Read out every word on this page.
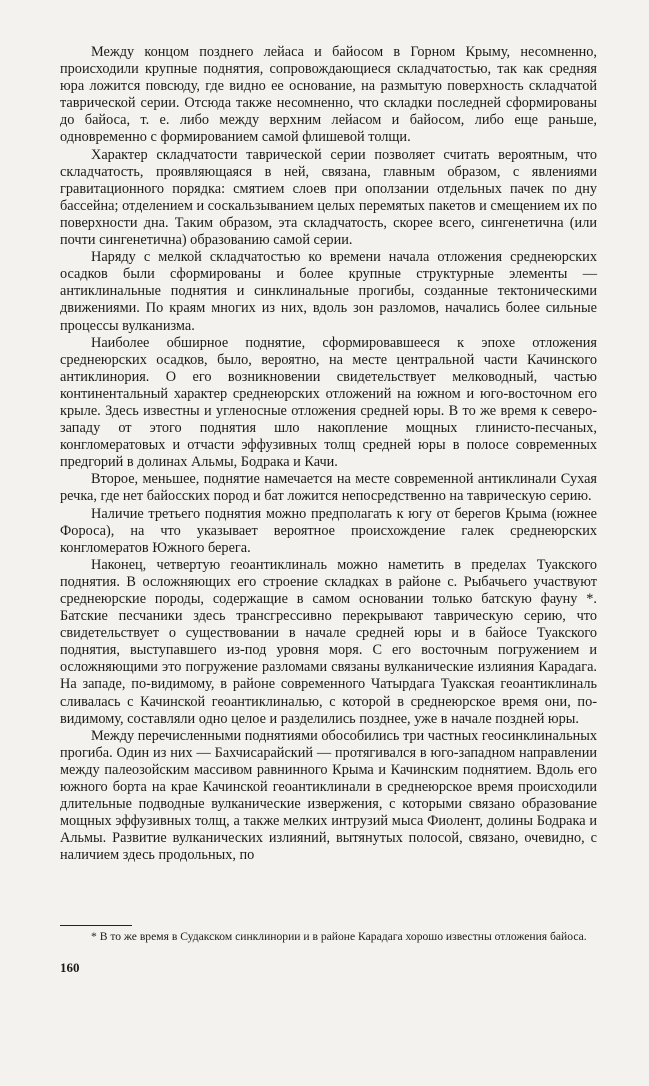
Между концом позднего лейаса и байосом в Горном Крыму, несомненно, происходили крупные поднятия, сопровождающиеся складчатостью, так как средняя юра ложится повсюду, где видно ее основание, на размытую поверхность складчатой таврической серии. Отсюда также несомненно, что складки последней сформированы до байоса, т. е. либо между верхним лейасом и байосом, либо еще раньше, одновременно с формированием самой флишевой толщи.

Характер складчатости таврической серии позволяет считать вероятным, что складчатость, проявляющаяся в ней, связана, главным образом, с явлениями гравитационного порядка: смятием слоев при оползании отдельных пачек по дну бассейна; отделением и соскальзыванием целых перемятых пакетов и смещением их по поверхности дна. Таким образом, эта складчатость, скорее всего, сингенетична (или почти сингенетична) образованию самой серии.

Наряду с мелкой складчатостью ко времени начала отложения среднеюрских осадков были сформированы и более крупные структурные элементы — антиклинальные поднятия и синклинальные прогибы, созданные тектоническими движениями. По краям многих из них, вдоль зон разломов, начались более сильные процессы вулканизма.

Наиболее обширное поднятие, сформировавшееся к эпохе отложения среднеюрских осадков, было, вероятно, на месте центральной части Качинского антиклинория. О его возникновении свидетельствует мелководный, частью континентальный характер среднеюрских отложений на южном и юго-восточном его крыле. Здесь известны и угленосные отложения средней юры. В то же время к северо-западу от этого поднятия шло накопление мощных глинисто-песчаных, конгломератовых и отчасти эффузивных толщ средней юры в полосе современных предгорий в долинах Альмы, Бодрака и Качи.

Второе, меньшее, поднятие намечается на месте современной антиклинали Сухая речка, где нет байосских пород и бат ложится непосредственно на таврическую серию.

Наличие третьего поднятия можно предполагать к югу от берегов Крыма (южнее Фороса), на что указывает вероятное происхождение галек среднеюрских конгломератов Южного берега.

Наконец, четвертую геоантиклиналь можно наметить в пределах Туакского поднятия. В осложняющих его строение складках в районе с. Рыбачьего участвуют среднеюрские породы, содержащие в самом основании только батскую фауну *. Батские песчаники здесь трансгрессивно перекрывают таврическую серию, что свидетельствует о существовании в начале средней юры и в байосе Туакского поднятия, выступавшего из-под уровня моря. С его восточным погружением и осложняющими это погружение разломами связаны вулканические излияния Карадага. На западе, по-видимому, в районе современного Чатырдага Туакская геоантиклиналь сливалась с Качинской геоантиклиналью, с которой в среднеюрское время они, по-видимому, составляли одно целое и разделились позднее, уже в начале поздней юры.

Между перечисленными поднятиями обособились три частных геосинклинальных прогиба. Один из них — Бахчисарайский — протягивался в юго-западном направлении между палеозойским массивом равнинного Крыма и Качинским поднятием. Вдоль его южного борта на крае Качинской геоантиклинали в среднеюрское время происходили длительные подводные вулканические извержения, с которыми связано образование мощных эффузивных толщ, а также мелких интрузий мыса Фиолент, долины Бодрака и Альмы. Развитие вулканических излияний, вытянутых полосой, связано, очевидно, с наличием здесь продольных, по

* В то же время в Судакском синклинории и в районе Карадага хорошо известны отложения байоса.

160
